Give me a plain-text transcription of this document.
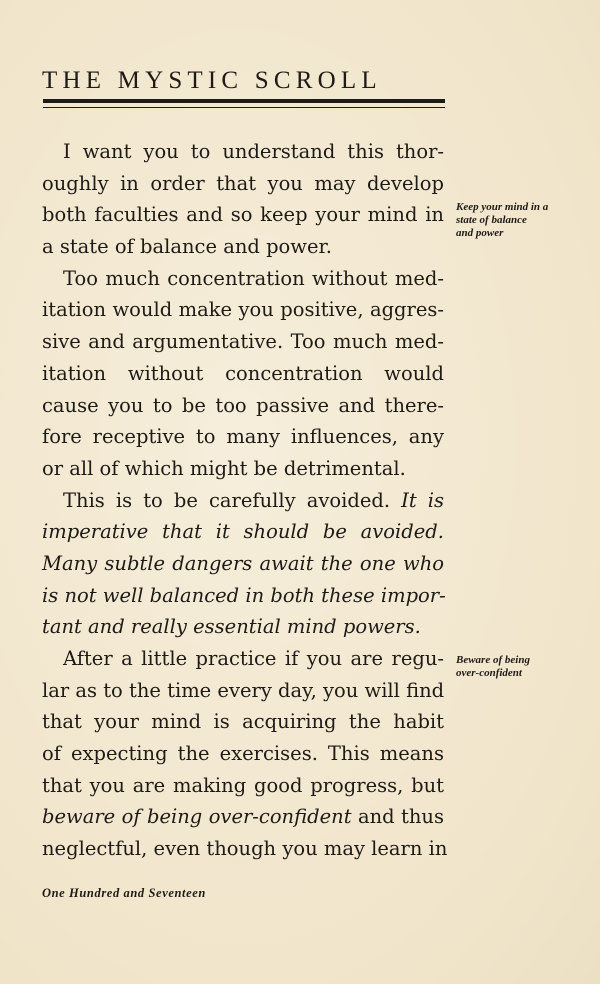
THE MYSTIC SCROLL
I want you to understand this thor-
oughly in order that you may develop
both faculties and so keep your mind in
a state of balance and power.
Too much concentration without med-
itation would make you positive, aggres-
sive and argumentative. Too much med-
itation without concentration would
cause you to be too passive and there-
fore receptive to many influences, any
or all of which might be detrimental.
This is to be carefully avoided. It is
imperative that it should be avoided.
Many subtle dangers await the one who
is not well balanced in both these impor-
tant and really essential mind powers.
After a little practice if you are regu-
lar as to the time every day, you will find
that your mind is acquiring the habit
of expecting the exercises. This means
that you are making good progress, but
beware of being over-confident and thus
neglectful, even though you may learn in
Keep your mind in a
state of balance
and power
Beware of being
over-confident
One Hundred and Seventeen
